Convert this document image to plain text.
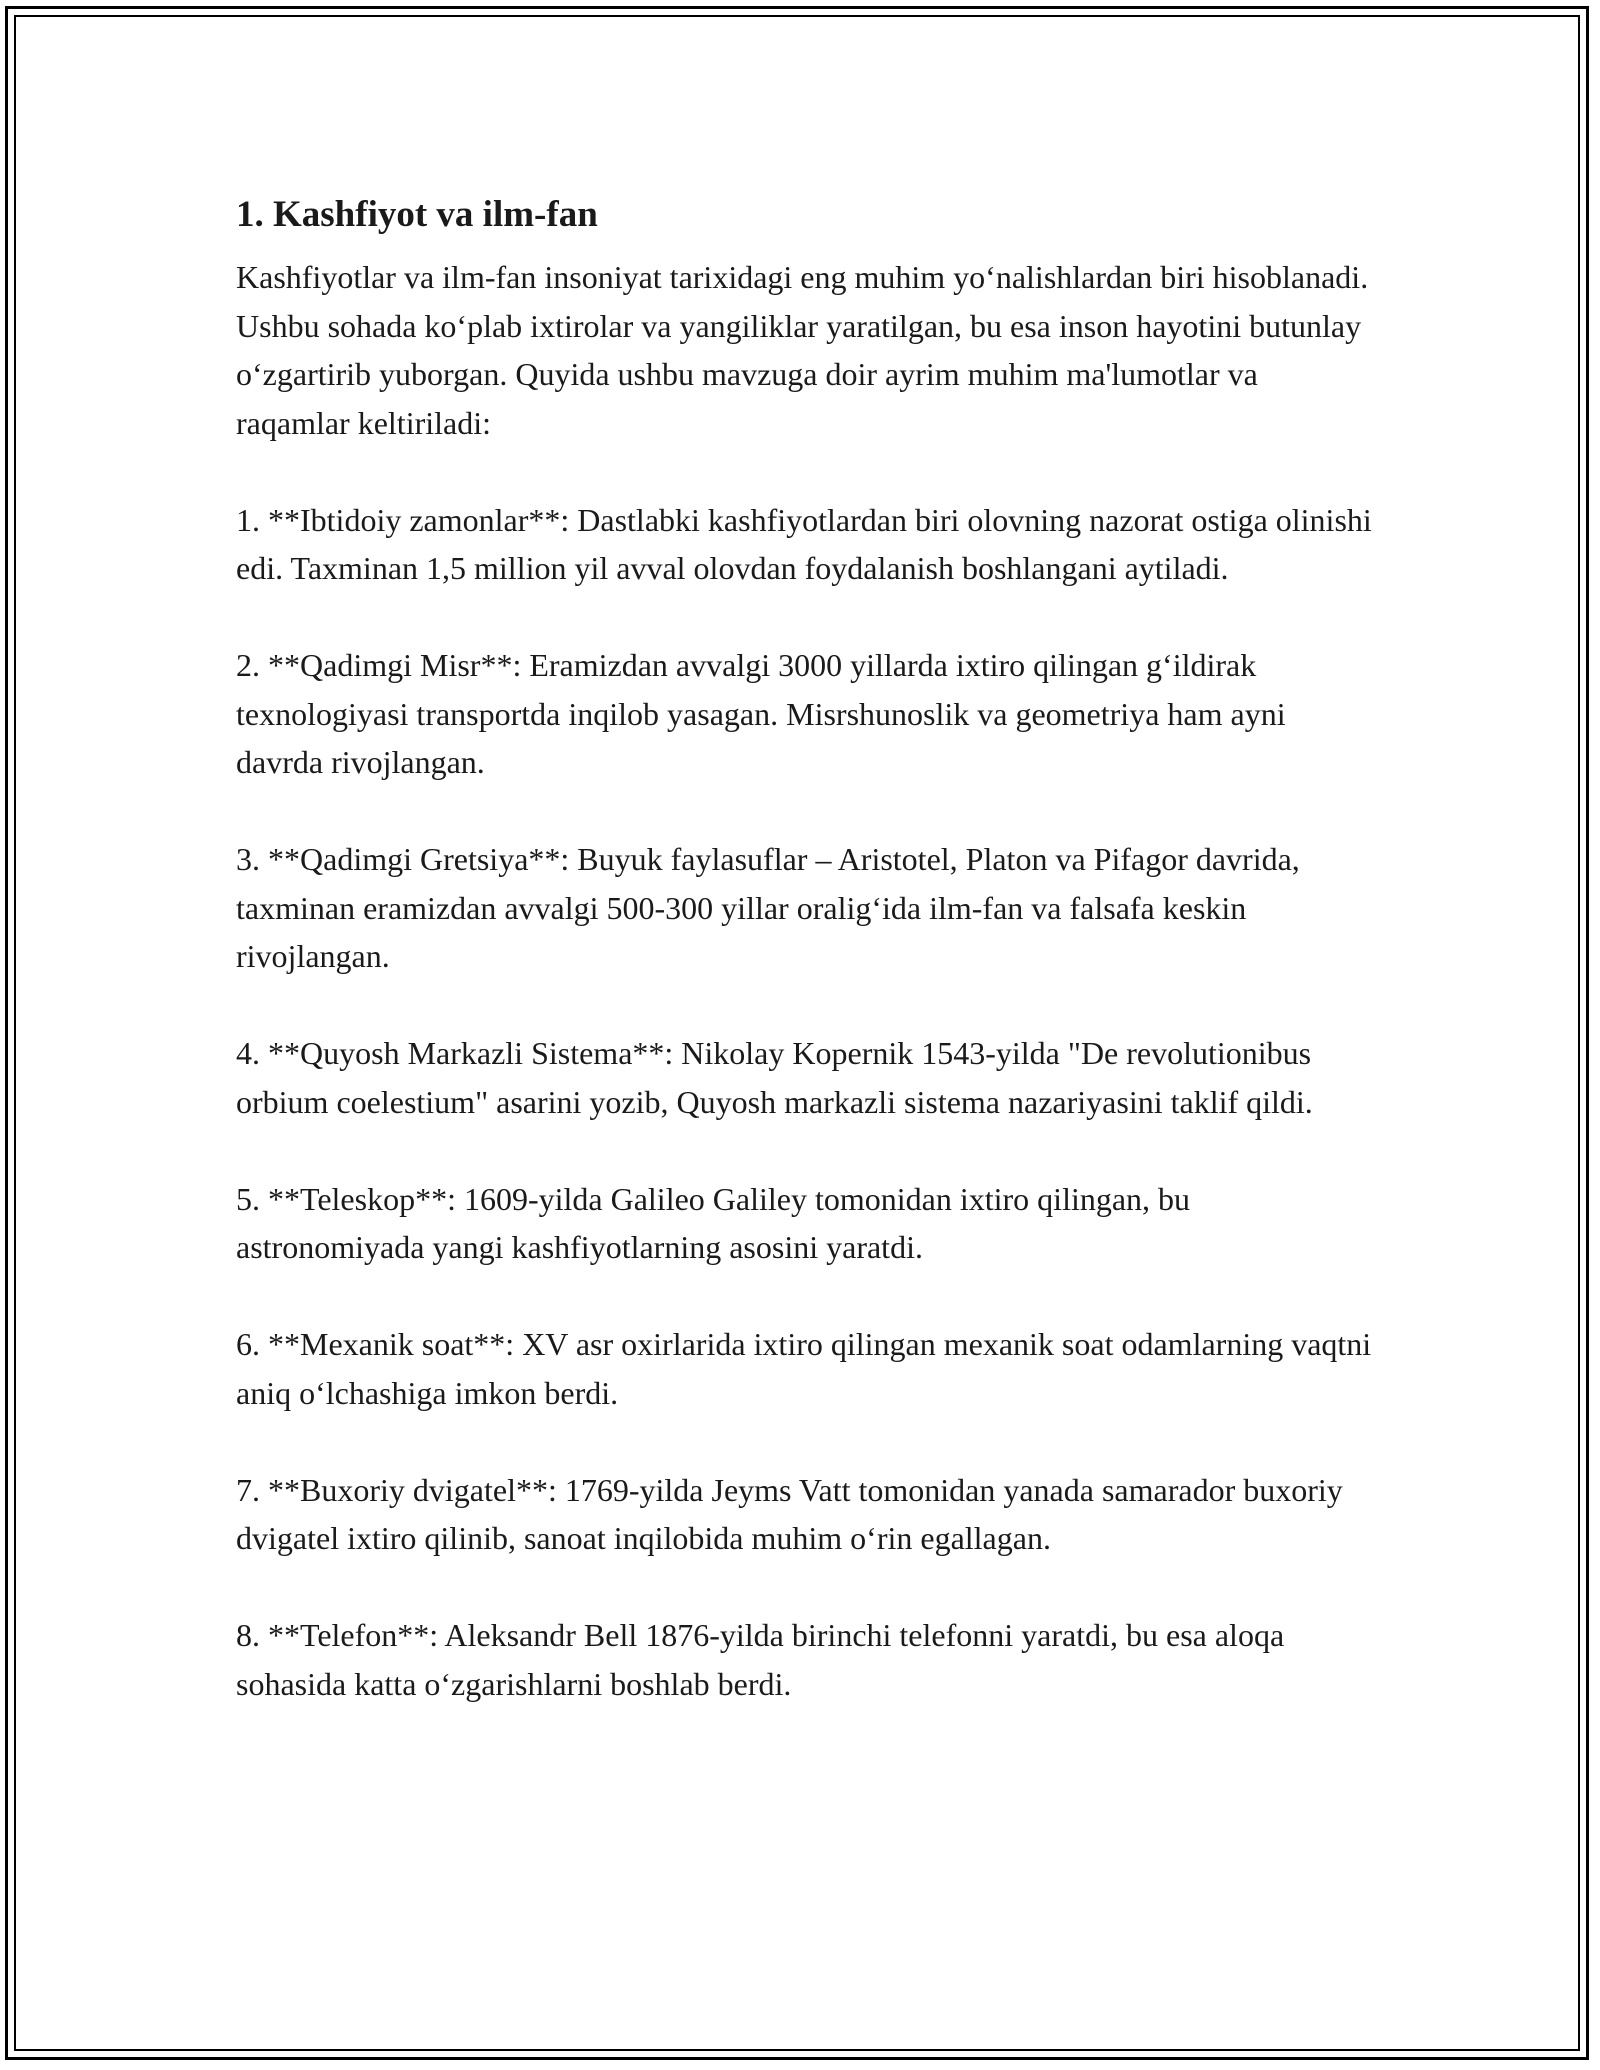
1. Kashfiyot va ilm-fan

Kashfiyotlar va ilm-fan insoniyat tarixidagi eng muhim yo‘nalishlardan biri hisoblanadi. Ushbu sohada ko‘plab ixtirolar va yangiliklar yaratilgan, bu esa inson hayotini butunlay o‘zgartirib yuborgan. Quyida ushbu mavzuga doir ayrim muhim ma'lumotlar va raqamlar keltiriladi:

1. **Ibtidoiy zamonlar**: Dastlabki kashfiyotlardan biri olovning nazorat ostiga olinishi edi. Taxminan 1,5 million yil avval olovdan foydalanish boshlangani aytiladi.

2. **Qadimgi Misr**: Eramizdan avvalgi 3000 yillarda ixtiro qilingan g‘ildirak texnologiyasi transportda inqilob yasagan. Misrshunoslik va geometriya ham ayni davrda rivojlangan.

3. **Qadimgi Gretsiya**: Buyuk faylasuflar – Aristotel, Platon va Pifagor davrida, taxminan eramizdan avvalgi 500-300 yillar oralig‘ida ilm-fan va falsafa keskin rivojlangan.

4. **Quyosh Markazli Sistema**: Nikolay Kopernik 1543-yilda "De revolutionibus orbium coelestium" asarini yozib, Quyosh markazli sistema nazariyasini taklif qildi.

5. **Teleskop**: 1609-yilda Galileo Galiley tomonidan ixtiro qilingan, bu astronomiyada yangi kashfiyotlarning asosini yaratdi.

6. **Mexanik soat**: XV asr oxirlarida ixtiro qilingan mexanik soat odamlarning vaqtni aniq o‘lchashiga imkon berdi.

7. **Buxoriy dvigatel**: 1769-yilda Jeyms Vatt tomonidan yanada samarador buxoriy dvigatel ixtiro qilinib, sanoat inqilobida muhim o‘rin egallagan.

8. **Telefon**: Aleksandr Bell 1876-yilda birinchi telefonni yaratdi, bu esa aloqa sohasida katta o‘zgarishlarni boshlab berdi.
